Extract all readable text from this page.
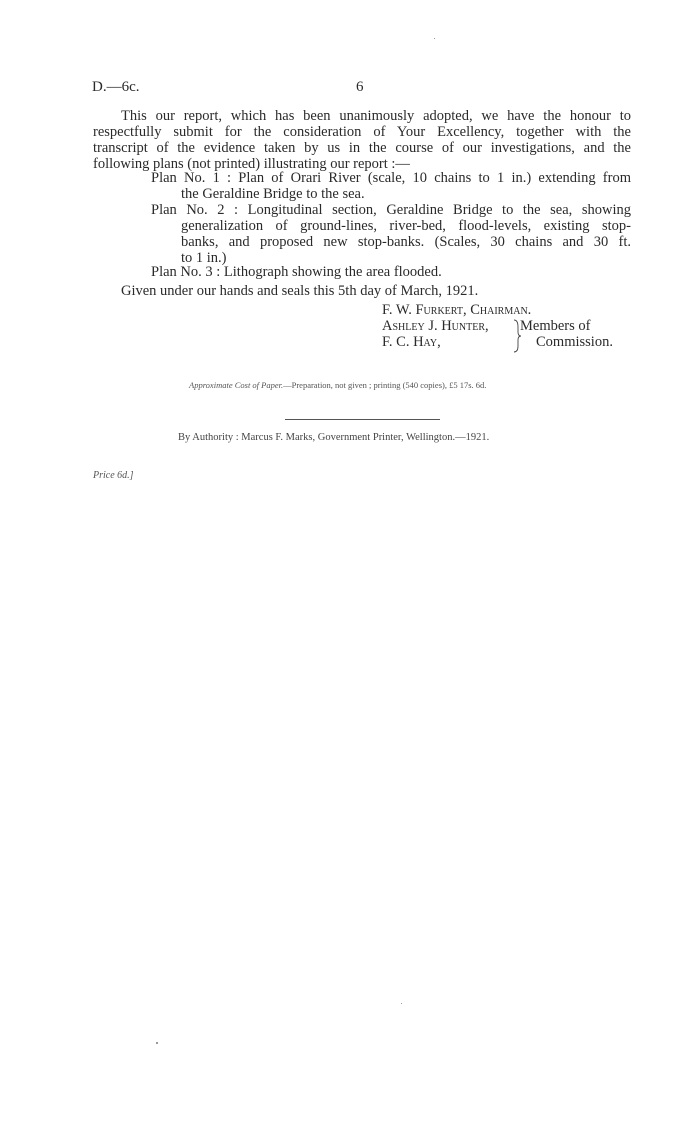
D.—6c.	6
This our report, which has been unanimously adopted, we have the honour to
respectfully submit for the consideration of Your Excellency, together with the
transcript of the evidence taken by us in the course of our investigations, and the
following plans (not printed) illustrating our report :—
Plan No. 1 : Plan of Orari River (scale, 10 chains to 1 in.) extending from
the Geraldine Bridge to the sea.
Plan No. 2 : Longitudinal section, Geraldine Bridge to the sea, showing
generalization of ground-lines, river-bed, flood-levels, existing stop-
banks, and proposed new stop-banks. (Scales, 30 chains and 30 ft.
to 1 in.)
Plan No. 3 : Lithograph showing the area flooded.
Given under our hands and seals this 5th day of March, 1921.
F. W. Furkert, Chairman.
Ashley J. Hunter,
F. C. Hay,
Members of
Commission.
Approximate Cost of Paper.—Preparation, not given ; printing (540 copies), £5 17s. 6d.
By Authority : Marcus F. Marks, Government Printer, Wellington.—1921.
Price 6d.]
